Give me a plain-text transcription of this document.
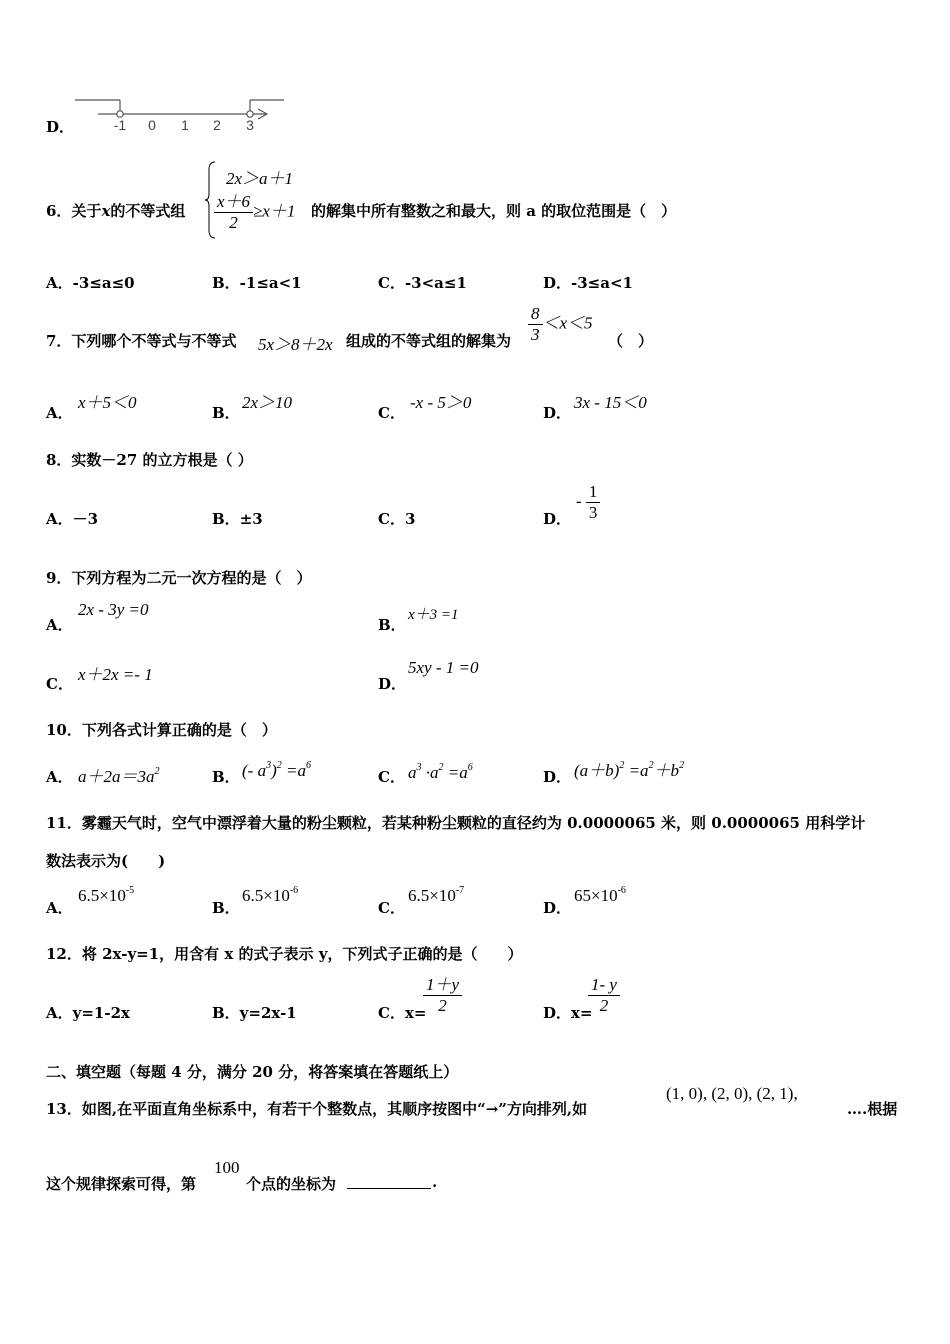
D．	-1 0 1 2 3
6．关于x的不等式组
2x＞a＋1
$\frac{x+6}{2} \ge x+1$ 的解集中所有整数之和最大，则 a 的取位范围是（　）
A．-3≤a≤0	B．-1≤a<1	C．-3<a≤1	D．-3≤a<1
7．下列哪个不等式与不等式 5x＞8＋2x 组成的不等式组的解集为 $\frac{8}{3} <x<5$
（　）
A．
x＋5＜0
B．
2x＞10
C．
-x - 5＞0
D．
3x - 15＜0
8．实数－27 的立方根是（ ）
A．－3	B．±3	C．3	D．
- $\frac{1}{3}$
9．下列方程为二元一次方程的是（　）
A．
2x - 3y =0
B．
x＋3 =1
C． x＋2x =- 1	D．
5xy - 1 =0
10．下列各式计算正确的是（　）
A． $a+2a=3a^2$	B． (- $a^3)^2 =a^6$
C． $a^3 \cdot a^2 =a^6$
D． $(a+b)^2 =a^2+b^2$
11．雾霾天气时，空气中漂浮着大量的粉尘颗粒，若某种粉尘颗粒的直径约为 0.0000065 米，则 0.0000065 用科学计
数法表示为(　　)
A．
$6.5\times 10^{-5}$
B．
$6.5\times 10^{-6}$
C．
$6.5\times 10^{-7}$
D．
$65\times 10^{-6}$
12．将 2x-y=1，用含有 x 的式子表示 y，下列式子正确的是（　　）
A．y=1-2x	B．y=2x-1	C．x=
$\frac{1+y}{2}$	D．x=
$\frac{1- y}{2}$
二、填空题（每题 4 分，满分 20 分，将答案填在答题纸上）
13．如图,在平面直角坐标系中，有若干个整数点，其顺序按图中“→”方向排列,如
(1, 0), (2, 0), (2, 1),
….根据
这个规律探索可得，第
100
个点的坐标为	.
